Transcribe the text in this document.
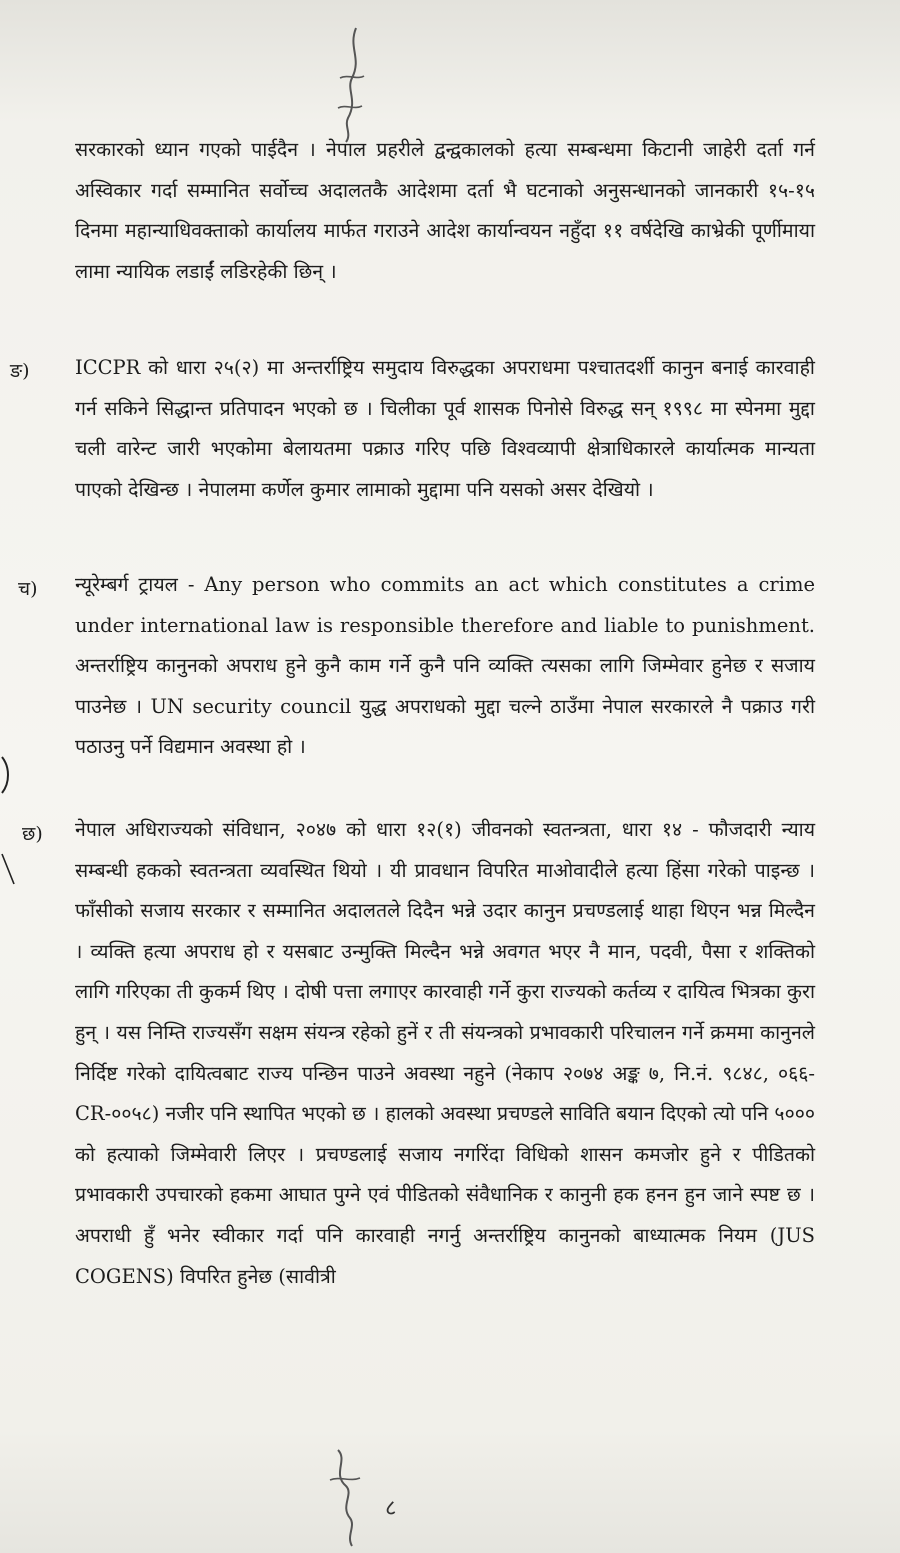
सरकारको ध्यान गएको पाईदैन । नेपाल प्रहरीले द्वन्द्वकालको हत्या सम्बन्धमा किटानी जाहेरी दर्ता गर्न अस्विकार गर्दा सम्मानित सर्वोच्च अदालतकै आदेशमा दर्ता भै घटनाको अनुसन्धानको जानकारी १५-१५ दिनमा महान्याधिवक्ताको कार्यालय मार्फत गराउने आदेश कार्यान्वयन नहुँदा ११ वर्षदेखि काभ्रेकी पूर्णीमाया लामा न्यायिक लडाईं लडिरहेकी छिन् ।
ङ) ICCPR को धारा २५(२) मा अन्तर्राष्ट्रिय समुदाय विरुद्धका अपराधमा पश्चातदर्शी कानुन बनाई कारवाही गर्न सकिने सिद्धान्त प्रतिपादन भएको छ । चिलीका पूर्व शासक पिनोसे विरुद्ध सन् १९९८ मा स्पेनमा मुद्दा चली वारेन्ट जारी भएकोमा बेलायतमा पक्राउ गरिए पछि विश्वव्यापी क्षेत्राधिकारले कार्यात्मक मान्यता पाएको देखिन्छ । नेपालमा कर्णेल कुमार लामाको मुद्दामा पनि यसको असर देखियो ।
च) न्यूरेम्बर्ग ट्रायल - Any person who commits an act which constitutes a crime under international law is responsible therefore and liable to punishment. अन्तर्राष्ट्रिय कानुनको अपराध हुने कुनै काम गर्ने कुनै पनि व्यक्ति त्यसका लागि जिम्मेवार हुनेछ र सजाय पाउनेछ । UN security council युद्ध अपराधको मुद्दा चल्ने ठाउँमा नेपाल सरकारले नै पक्राउ गरी पठाउनु पर्ने विद्यमान अवस्था हो ।
छ) नेपाल अधिराज्यको संविधान, २०४७ को धारा १२(१) जीवनको स्वतन्त्रता, धारा १४ - फौजदारी न्याय सम्बन्धी हकको स्वतन्त्रता व्यवस्थित थियो । यी प्रावधान विपरित माओवादीले हत्या हिंसा गरेको पाइन्छ । फाँसीको सजाय सरकार र सम्मानित अदालतले दिदैन भन्ने उदार कानुन प्रचण्डलाई थाहा थिएन भन्न मिल्दैन । व्यक्ति हत्या अपराध हो र यसबाट उन्मुक्ति मिल्दैन भन्ने अवगत भएर नै मान, पदवी, पैसा र शक्तिको लागि गरिएका ती कुकर्म थिए । दोषी पत्ता लगाएर कारवाही गर्ने कुरा राज्यको कर्तव्य र दायित्व भित्रका कुरा हुन् । यस निम्ति राज्यसँग सक्षम संयन्त्र रहेको हुनें र ती संयन्त्रको प्रभावकारी परिचालन गर्ने क्रममा कानुनले निर्दिष्ट गरेको दायित्वबाट राज्य पन्छिन पाउने अवस्था नहुने (नेकाप २०७४ अङ्क ७, नि.नं. ९८४८, ०६६-CR-००५८) नजीर पनि स्थापित भएको छ । हालको अवस्था प्रचण्डले साविति बयान दिएको त्यो पनि ५००० को हत्याको जिम्मेवारी लिएर । प्रचण्डलाई सजाय नगरिंदा विधिको शासन कमजोर हुने र पीडितको प्रभावकारी उपचारको हकमा आघात पुग्ने एवं पीडितको संवैधानिक र कानुनी हक हनन हुन जाने स्पष्ट छ । अपराधी हुँ भनेर स्वीकार गर्दा पनि कारवाही नगर्नु अन्तर्राष्ट्रिय कानुनको बाध्यात्मक नियम (JUS COGENS) विपरित हुनेछ (सावीत्री
८
